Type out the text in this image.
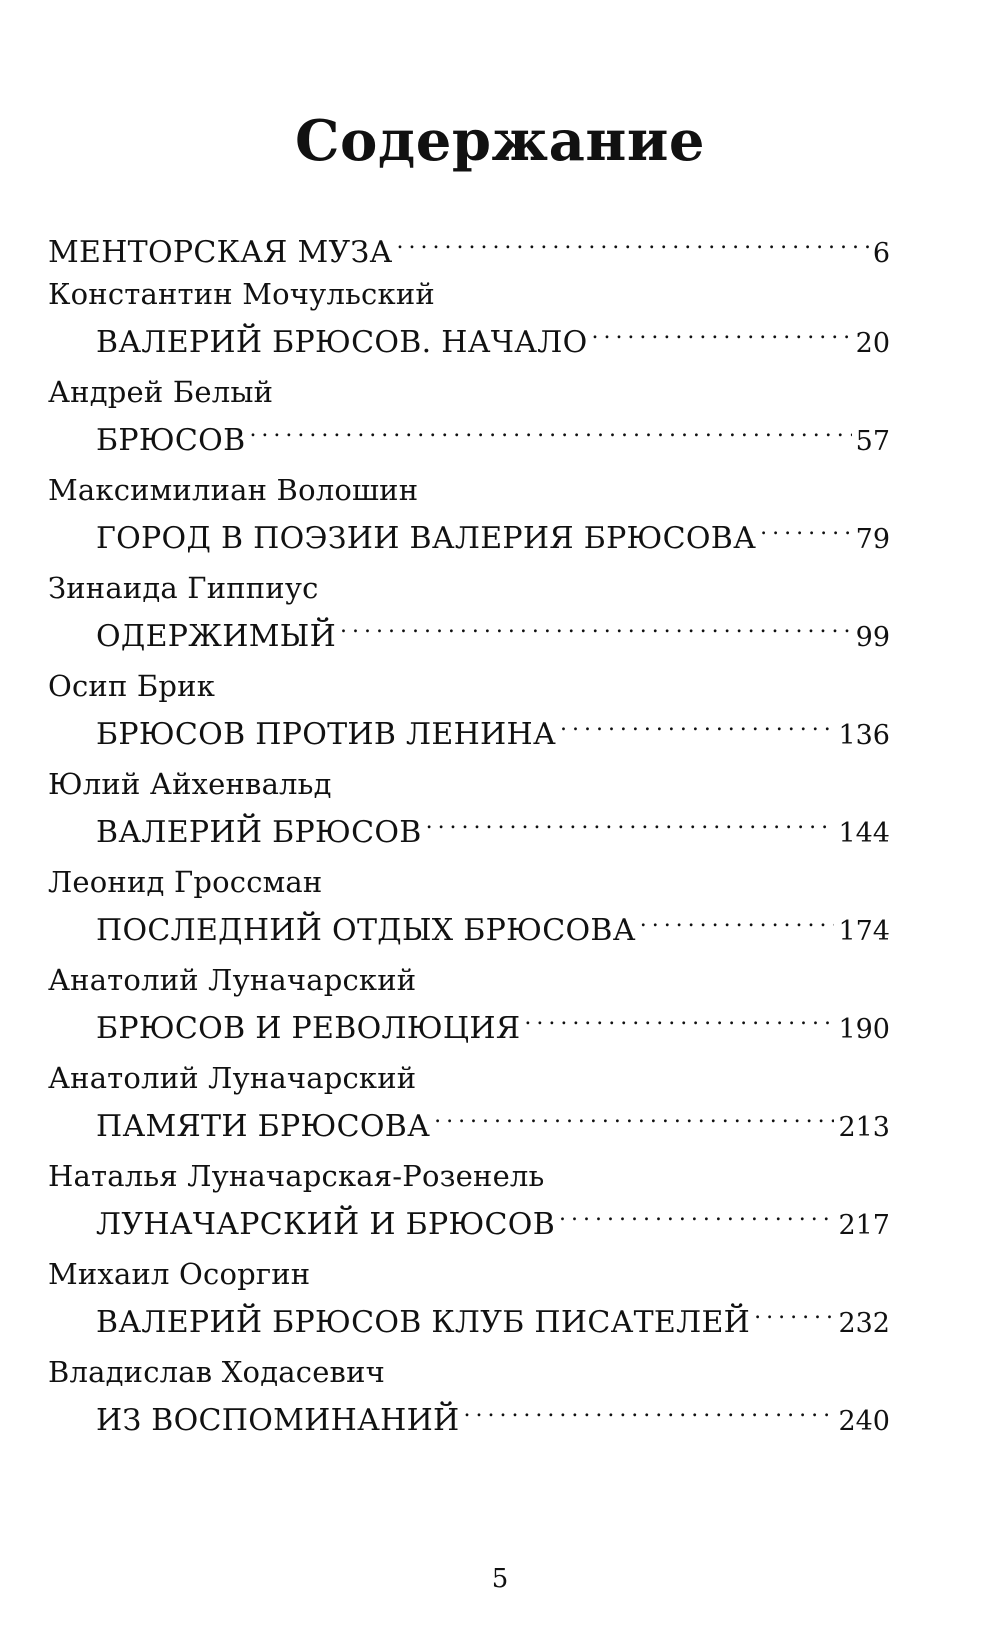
Содержание
МЕНТОРСКАЯ МУЗА . . .	6
Константин Мочульский
ВАЛЕРИЙ БРЮСОВ. НАЧАЛО . . .	20
Андрей Белый
БРЮСОВ . . .	57
Максимилиан Волошин
ГОРОД В ПОЭЗИИ ВАЛЕРИЯ БРЮСОВА . . .	79
Зинаида Гиппиус
ОДЕРЖИМЫЙ . . .	99
Осип Брик
БРЮСОВ ПРОТИВ ЛЕНИНА . . .	136
Юлий Айхенвальд
ВАЛЕРИЙ БРЮСОВ . . .	144
Леонид Гроссман
ПОСЛЕДНИЙ ОТДЫХ БРЮСОВА . . .	174
Анатолий Луначарский
БРЮСОВ И РЕВОЛЮЦИЯ . . .	190
Анатолий Луначарский
ПАМЯТИ БРЮСОВА . . .	213
Наталья Луначарская-Розенель
ЛУНАЧАРСКИЙ И БРЮСОВ . . .	217
Михаил Осоргин
ВАЛЕРИЙ БРЮСОВ КЛУБ ПИСАТЕЛЕЙ . . .	232
Владислав Ходасевич
ИЗ ВОСПОМИНАНИЙ . . .	240
5
